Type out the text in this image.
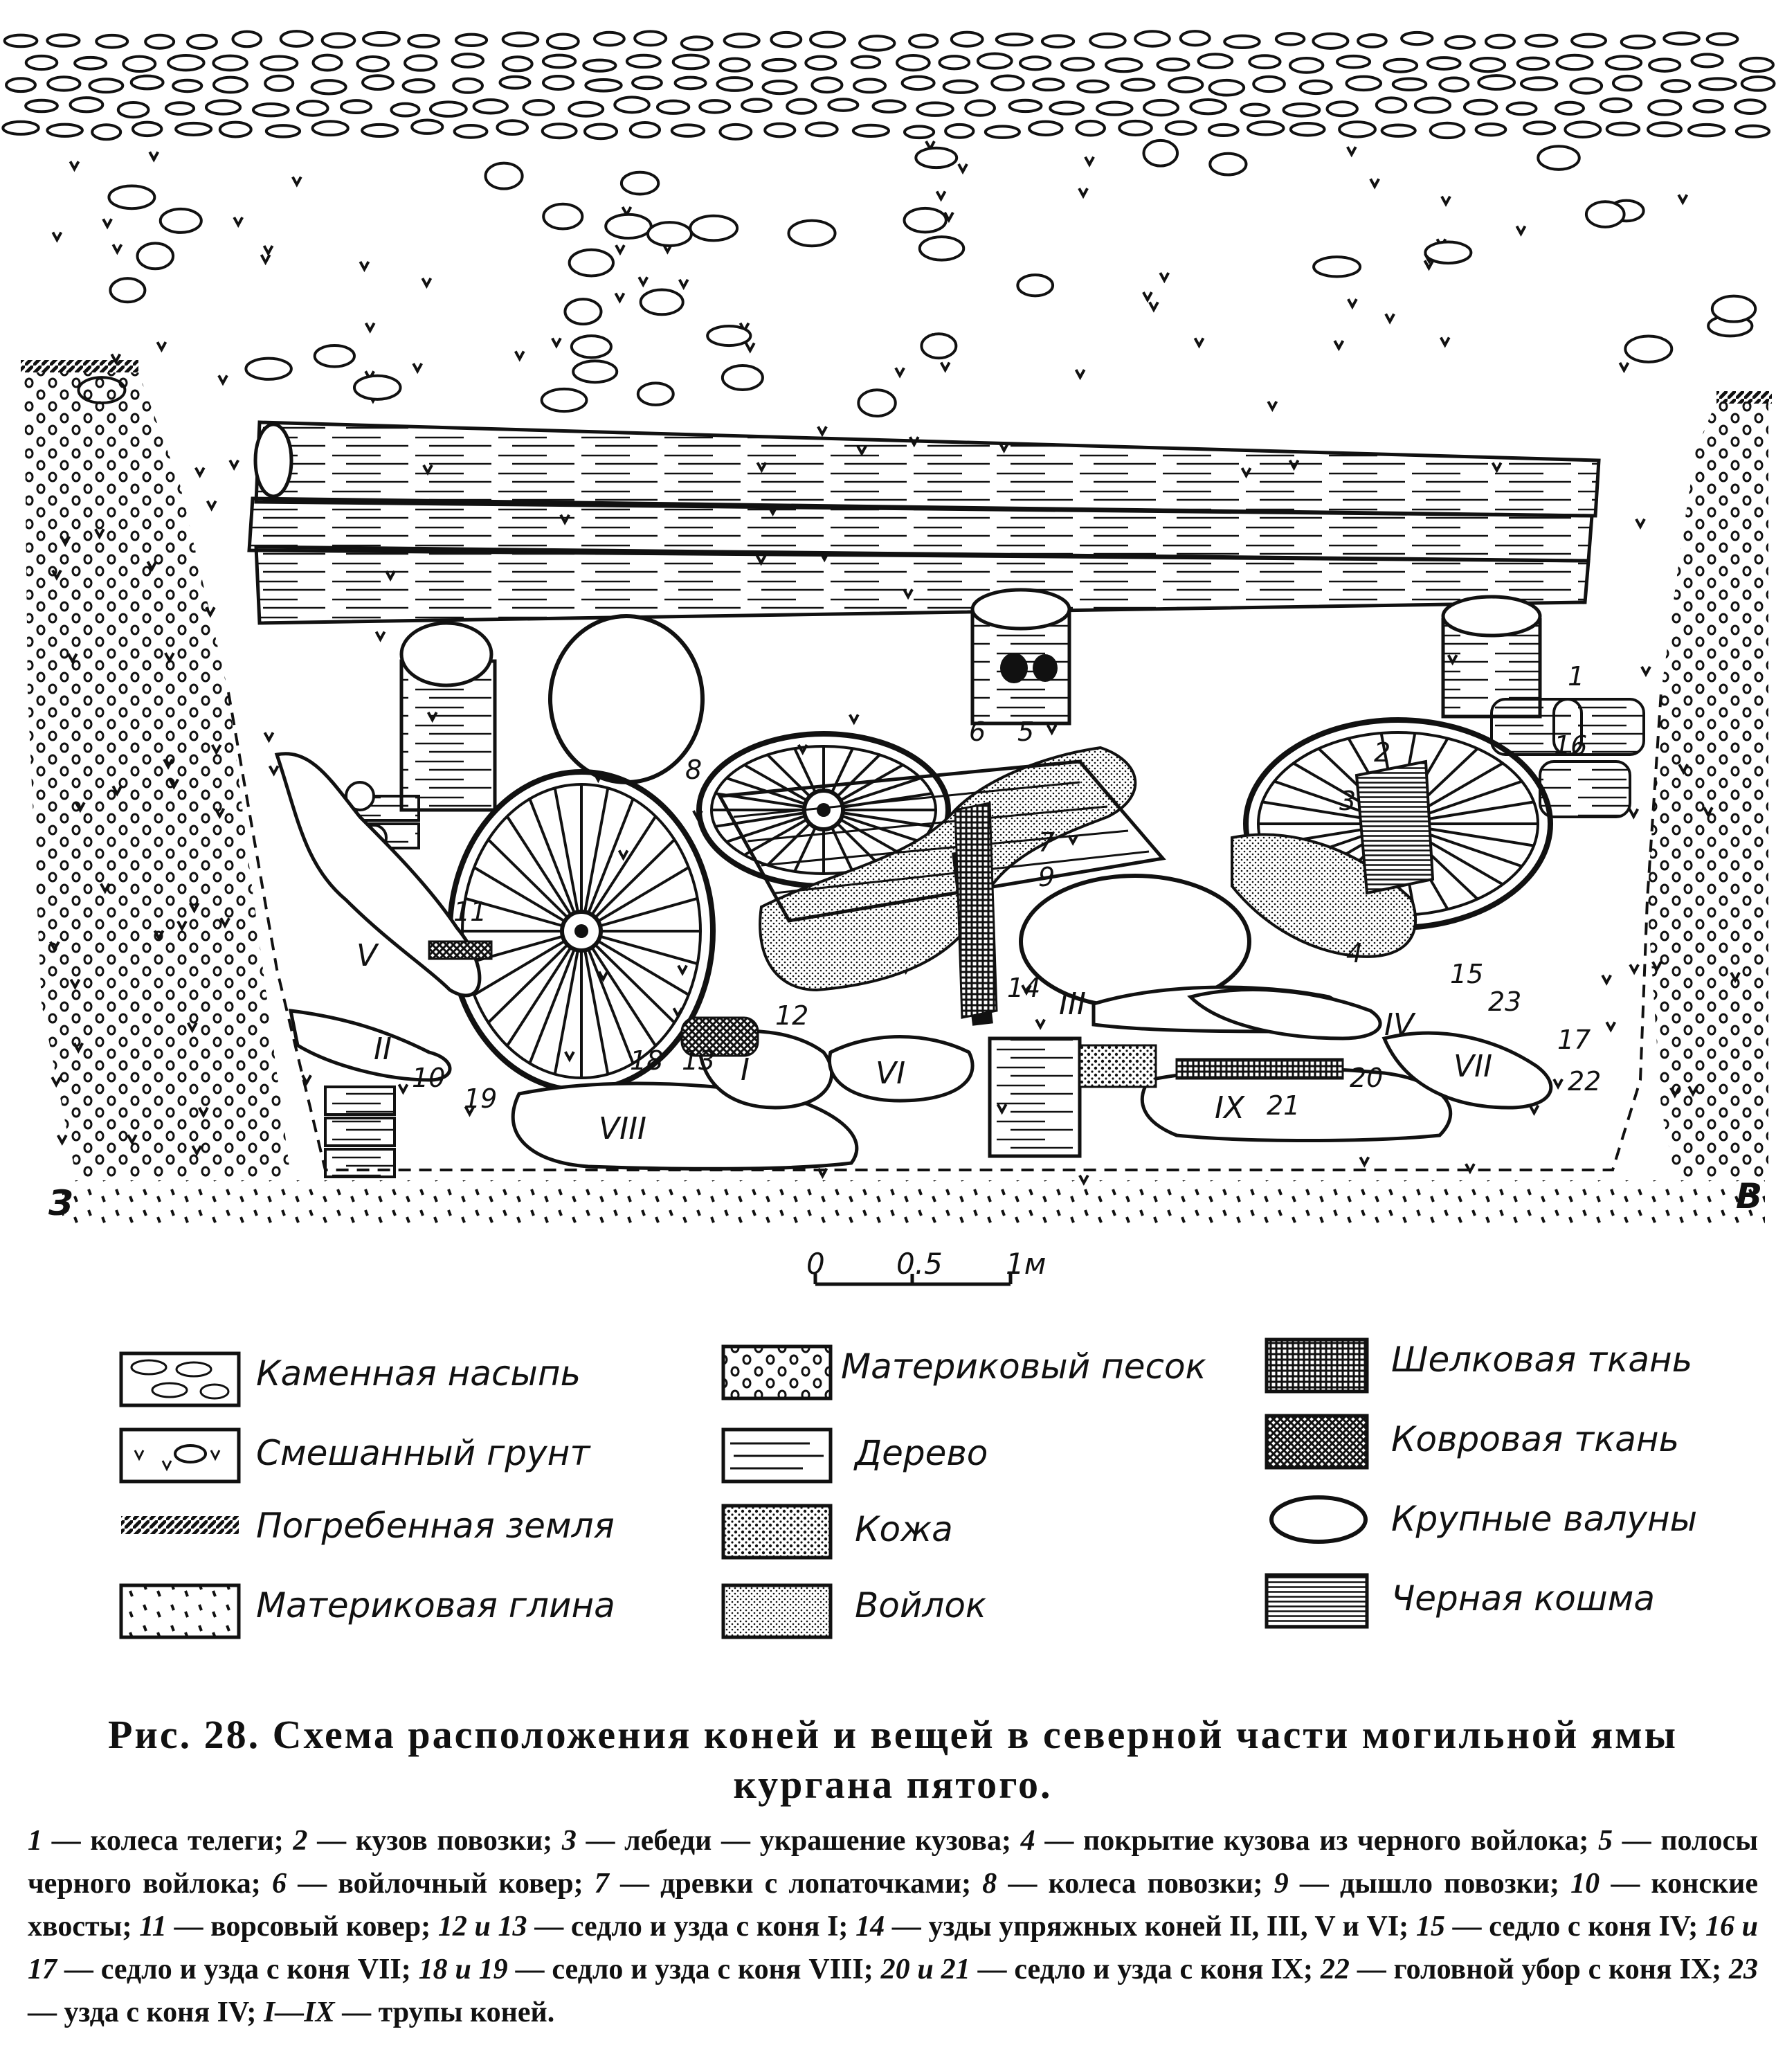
1
2
3
4
5
6
7
8
9
10
11
12
13
14	15
16
17
18
19
20
21
22
23
I
II
III
IV
V
VI	VII
VIII
IX
З	В
0 0.5 1м
Каменная насыпь
Смешанный грунт
Погребенная земля
Материковая глина
Материковый песок
Дерево
Кожа
Войлок
Шелковая ткань
Ковровая ткань
Крупные валуны
Черная кошма
Рис. 28. Схема расположения коней и вещей в северной части могильной ямы кургана пятого.
1 — колеса телеги; 2 — кузов повозки; 3 — лебеди — украшение кузова; 4 — покрытие кузова из черного войлока; 5 — полосы черного войлока; 6 — войлочный ковер; 7 — древки с лопаточками; 8 — колеса повозки; 9 — дышло повозки; 10 — конские хвосты; 11 — ворсовый ковер; 12 и 13 — седло и узда с коня I; 14 — узды упряжных коней II, III, V и VI; 15 — седло с коня IV; 16 и 17 — седло и узда с коня VII; 18 и 19 — седло и узда с коня VIII; 20 и 21 — седло и узда с коня IX; 22 — головной убор с коня IX; 23 — узда с коня IV; I—IX — трупы коней.
